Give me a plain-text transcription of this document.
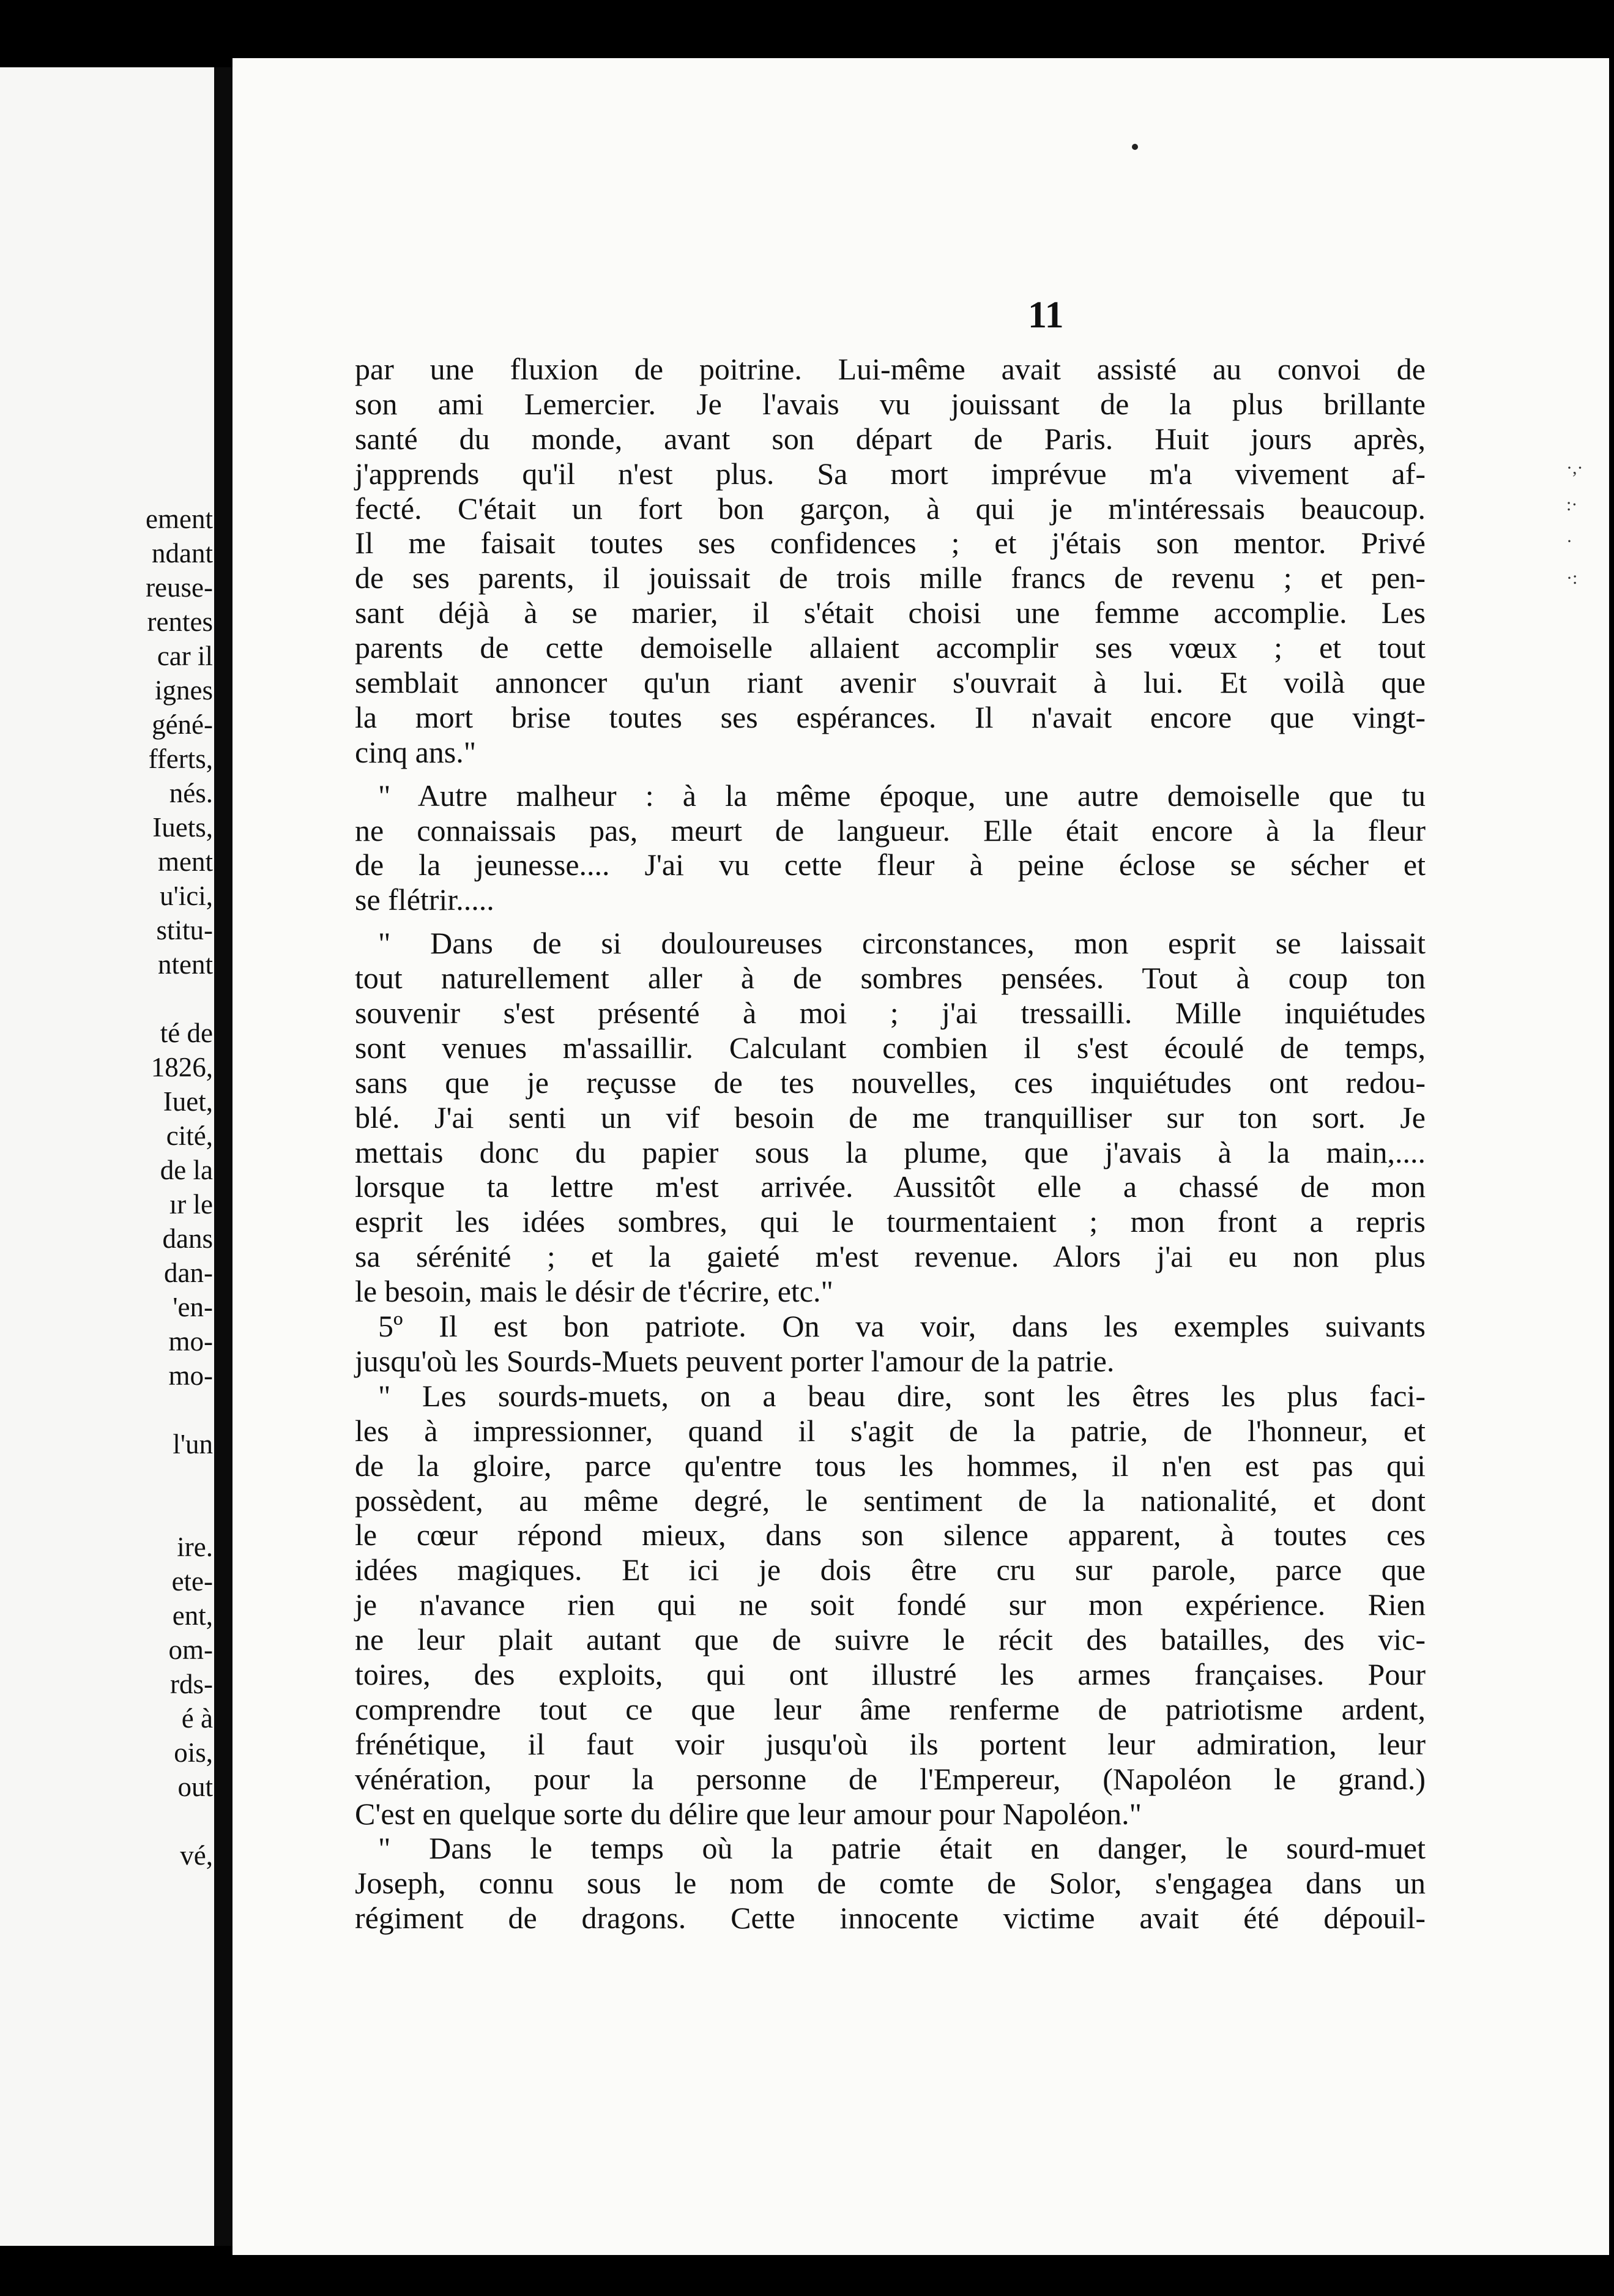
ement
ndant
reuse-
rentes
car il
ignes
géné-
fferts,
nés.
Iuets,
ment
u'ici,
stitu-
ntent
té de
1826,
Iuet,
cité,
de la
ır le
dans
dan-
'en-
mo-
mo-
l'un
ire.
ete-
ent,
om-
rds-
é à
ois,
out
vé,
·,·
:·
·
·:
11
par une fluxion de poitrine. Lui-même avait assisté au convoi de
son ami Lemercier. Je l'avais vu jouissant de la plus brillante
santé du monde, avant son départ de Paris. Huit jours après,
j'apprends qu'il n'est plus. Sa mort imprévue m'a vivement af-
fecté. C'était un fort bon garçon, à qui je m'intéressais beaucoup.
Il me faisait toutes ses confidences ; et j'étais son mentor. Privé
de ses parents, il jouissait de trois mille francs de revenu ; et pen-
sant déjà à se marier, il s'était choisi une femme accomplie. Les
parents de cette demoiselle allaient accomplir ses vœux ; et tout
semblait annoncer qu'un riant avenir s'ouvrait à lui. Et voilà que
la mort brise toutes ses espérances. Il n'avait encore que vingt-
cinq ans."
" Autre malheur : à la même époque, une autre demoiselle que tu
ne connaissais pas, meurt de langueur. Elle était encore à la fleur
de la jeunesse.... J'ai vu cette fleur à peine éclose se sécher et
se flétrir.....
" Dans de si douloureuses circonstances, mon esprit se laissait
tout naturellement aller à de sombres pensées. Tout à coup ton
souvenir s'est présenté à moi ; j'ai tressailli. Mille inquiétudes
sont venues m'assaillir. Calculant combien il s'est écoulé de temps,
sans que je reçusse de tes nouvelles, ces inquiétudes ont redou-
blé. J'ai senti un vif besoin de me tranquilliser sur ton sort. Je
mettais donc du papier sous la plume, que j'avais à la main,....
lorsque ta lettre m'est arrivée. Aussitôt elle a chassé de mon
esprit les idées sombres, qui le tourmentaient ; mon front a repris
sa sérénité ; et la gaieté m'est revenue. Alors j'ai eu non plus
le besoin, mais le désir de t'écrire, etc."
5º Il est bon patriote. On va voir, dans les exemples suivants
jusqu'où les Sourds-Muets peuvent porter l'amour de la patrie.
" Les sourds-muets, on a beau dire, sont les êtres les plus faci-
les à impressionner, quand il s'agit de la patrie, de l'honneur, et
de la gloire, parce qu'entre tous les hommes, il n'en est pas qui
possèdent, au même degré, le sentiment de la nationalité, et dont
le cœur répond mieux, dans son silence apparent, à toutes ces
idées magiques. Et ici je dois être cru sur parole, parce que
je n'avance rien qui ne soit fondé sur mon expérience. Rien
ne leur plait autant que de suivre le récit des batailles, des vic-
toires, des exploits, qui ont illustré les armes françaises. Pour
comprendre tout ce que leur âme renferme de patriotisme ardent,
frénétique, il faut voir jusqu'où ils portent leur admiration, leur
vénération, pour la personne de l'Empereur, (Napoléon le grand.)
C'est en quelque sorte du délire que leur amour pour Napoléon."
" Dans le temps où la patrie était en danger, le sourd-muet
Joseph, connu sous le nom de comte de Solor, s'engagea dans un
régiment de dragons. Cette innocente victime avait été dépouil-
